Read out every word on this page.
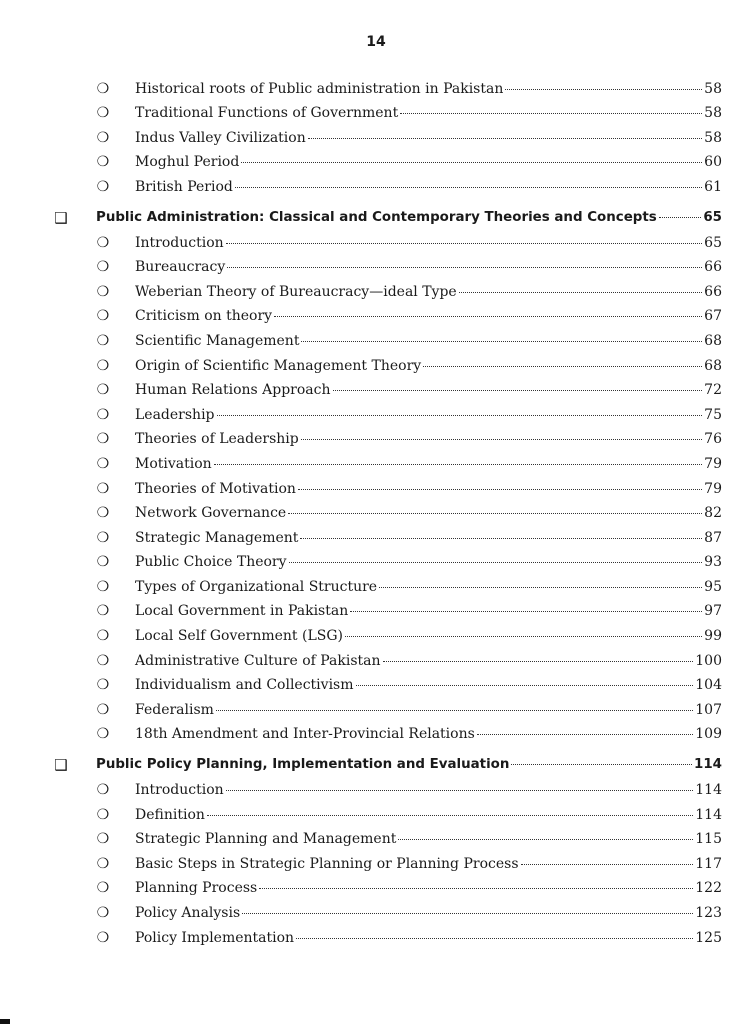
14
❍ Historical roots of Public administration in Pakistan	58
❍ Traditional Functions of Government	58
❍ Indus Valley Civilization	58
❍ Moghul Period	60
❍ British Period	61
❑ Public Administration: Classical and Contemporary Theories and Concepts	65
❍ Introduction	65
❍ Bureaucracy	66
❍ Weberian Theory of Bureaucracy—ideal Type	66
❍ Criticism on theory	67
❍ Scientific Management	68
❍ Origin of Scientific Management Theory	68
❍ Human Relations Approach	72
❍ Leadership	75
❍ Theories of Leadership	76
❍ Motivation	79
❍ Theories of Motivation	79
❍ Network Governance	82
❍ Strategic Management	87
❍ Public Choice Theory	93
❍ Types of Organizational Structure	95
❍ Local Government in Pakistan	97
❍ Local Self Government (LSG)	99
❍ Administrative Culture of Pakistan	100
❍ Individualism and Collectivism	104
❍ Federalism	107
❍ 18th Amendment and Inter-Provincial Relations	109
❑ Public Policy Planning, Implementation and Evaluation	114
❍ Introduction	114
❍ Definition	114
❍ Strategic Planning and Management	115
❍ Basic Steps in Strategic Planning or Planning Process	117
❍ Planning Process	122
❍ Policy Analysis	123
❍ Policy Implementation	125
